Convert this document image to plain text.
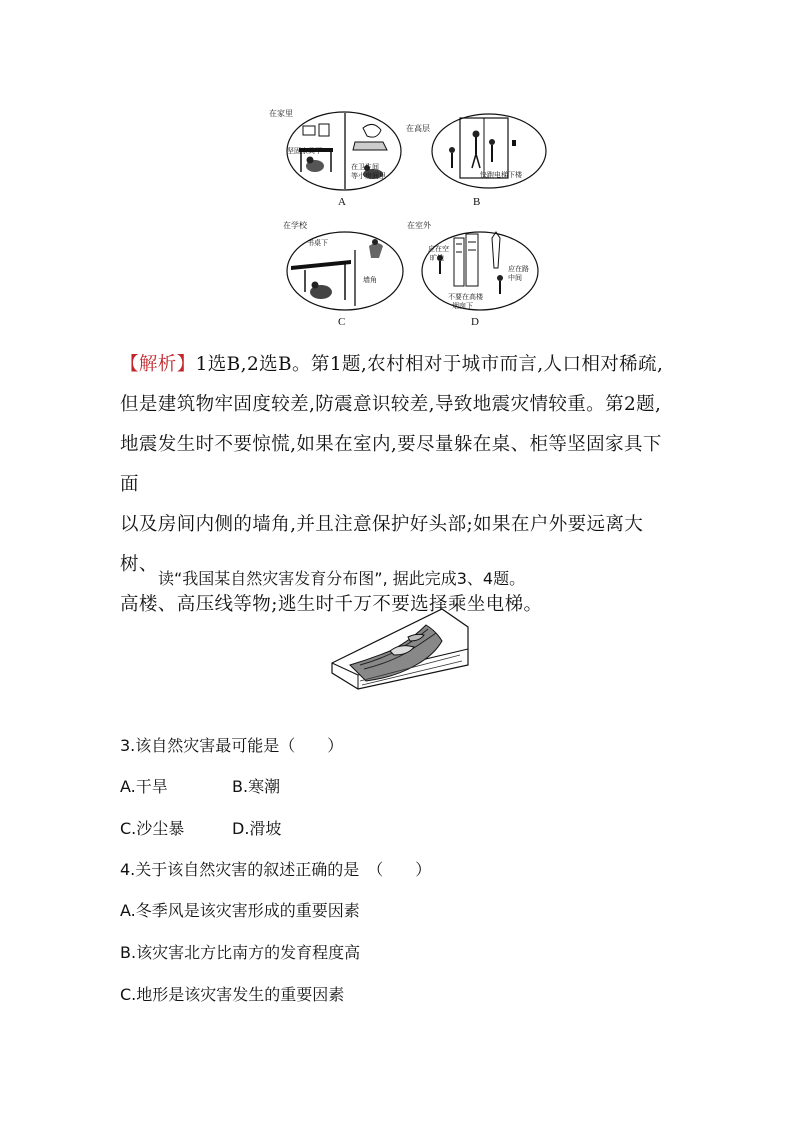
在家里
坚固家具下
在卫生间
等小房间里
A
在高层
快跑电梯下楼
B
在学校
书桌下
墙角
C
在室外
应在空
旷地
不要在高楼
烟囱下
应在路
中间
D
【解析】1选B,2选B。第1题,农村相对于城市而言,人口相对稀疏,
但是建筑物牢固度较差,防震意识较差,导致地震灾情较重。第2题,
地震发生时不要惊慌,如果在室内,要尽量躲在桌、柜等坚固家具下面
以及房间内侧的墙角,并且注意保护好头部;如果在户外要远离大树、
高楼、高压线等物;逃生时千万不要选择乘坐电梯。
读“我国某自然灾害发育分布图”, 据此完成3、4题。
3.该自然灾害最可能是（　　）
A.干旱	B.寒潮
C.沙尘暴	D.滑坡
4.关于该自然灾害的叙述正确的是　（　　）
A.冬季风是该灾害形成的重要因素
B.该灾害北方比南方的发育程度高
C.地形是该灾害发生的重要因素
